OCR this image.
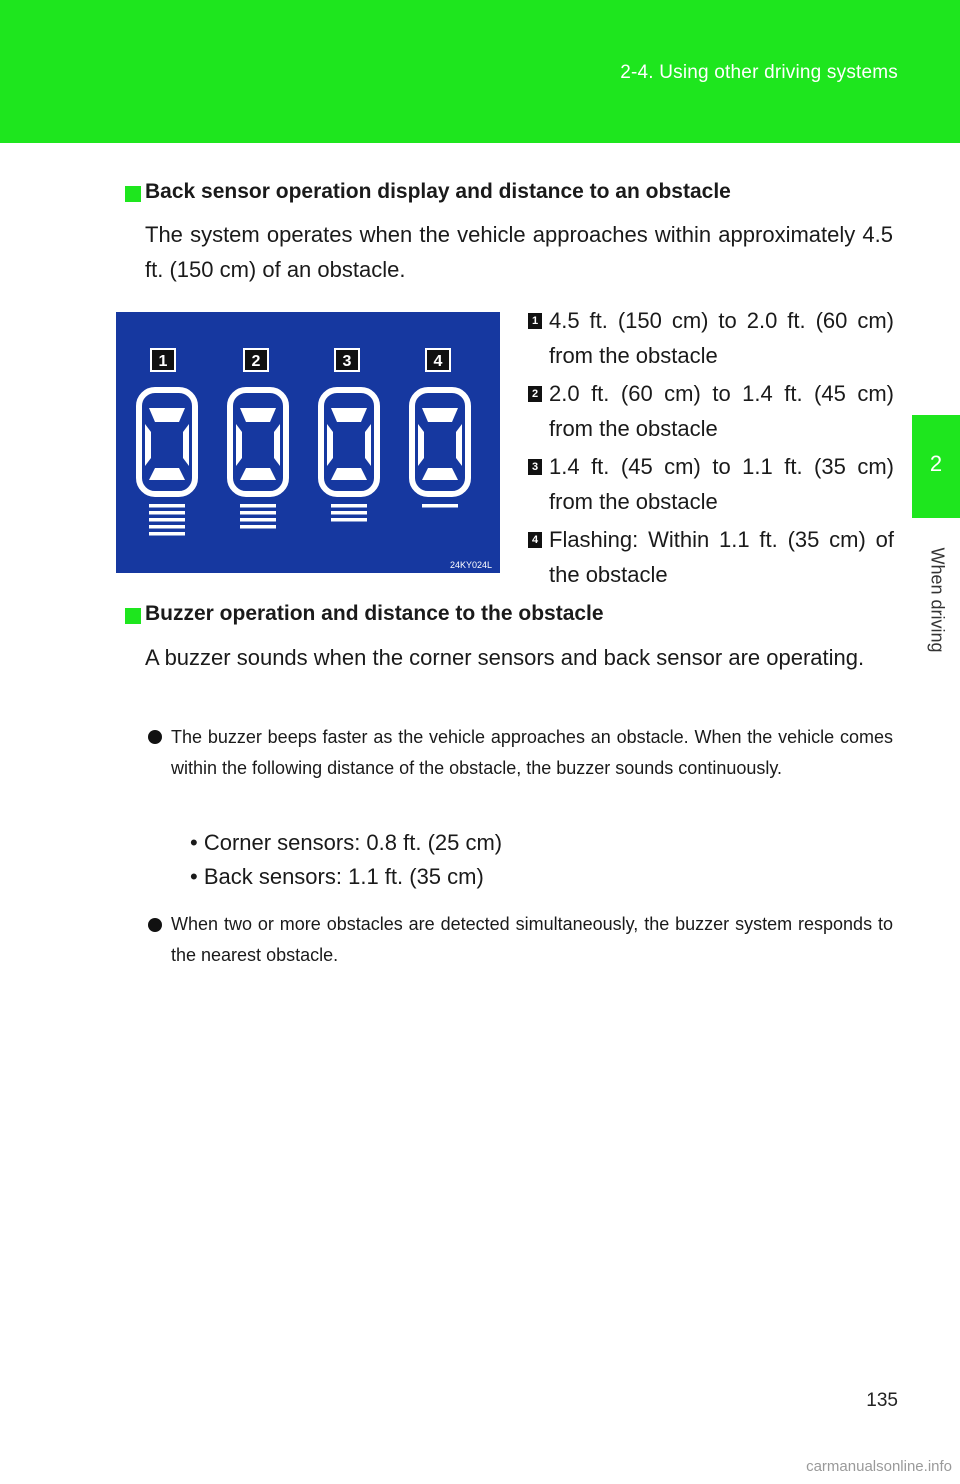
2-4. Using other driving systems
2
When driving
Back sensor operation display and distance to an obstacle
The system operates when the vehicle approaches within approximately 4.5 ft. (150 cm) of an obstacle.
1	2	3	4
24KY024L
1 4.5 ft. (150 cm) to 2.0 ft. (60 cm) from the obstacle
2 2.0 ft. (60 cm) to 1.4 ft. (45 cm) from the obstacle
3 1.4 ft. (45 cm) to 1.1 ft. (35 cm) from the obstacle
4 Flashing: Within 1.1 ft. (35 cm) of the obstacle
Buzzer operation and distance to the obstacle
A buzzer sounds when the corner sensors and back sensor are operating.
The buzzer beeps faster as the vehicle approaches an obstacle. When the vehicle comes within the following distance of the obstacle, the buzzer sounds continuously.
• Corner sensors: 0.8 ft. (25 cm)
• Back sensors: 1.1 ft. (35 cm)
When two or more obstacles are detected simultaneously, the buzzer system responds to the nearest obstacle.
135
carmanualsonline.info
